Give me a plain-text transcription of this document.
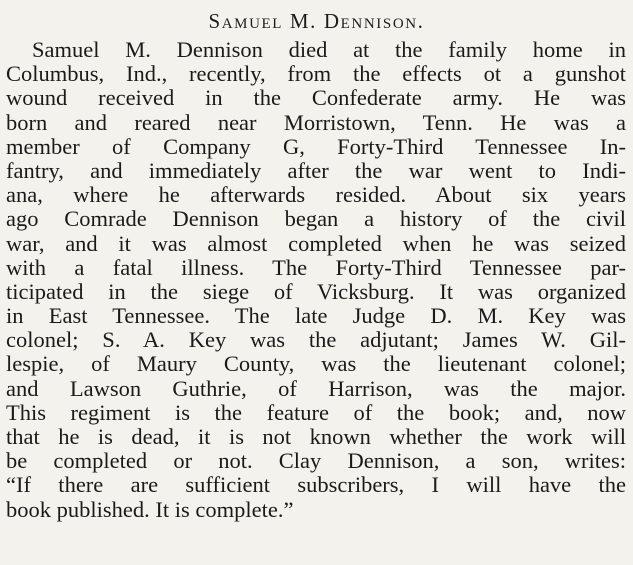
Samuel M. Dennison.
Samuel M. Dennison died at the family home in
Columbus, Ind., recently, from the effects ot a gunshot
wound received in the Confederate army. He was
born and reared near Morristown, Tenn. He was a
member of Company G, Forty-Third Tennessee In-
fantry, and immediately after the war went to Indi-
ana, where he afterwards resided. About six years
ago Comrade Dennison began a history of the civil
war, and it was almost completed when he was seized
with a fatal illness. The Forty-Third Tennessee par-
ticipated in the siege of Vicksburg. It was organized
in East Tennessee. The late Judge D. M. Key was
colonel; S. A. Key was the adjutant; James W. Gil-
lespie, of Maury County, was the lieutenant colonel;
and Lawson Guthrie, of Harrison, was the major.
This regiment is the feature of the book; and, now
that he is dead, it is not known whether the work will
be completed or not. Clay Dennison, a son, writes:
“If there are sufficient subscribers, I will have the
book published. It is complete.”
